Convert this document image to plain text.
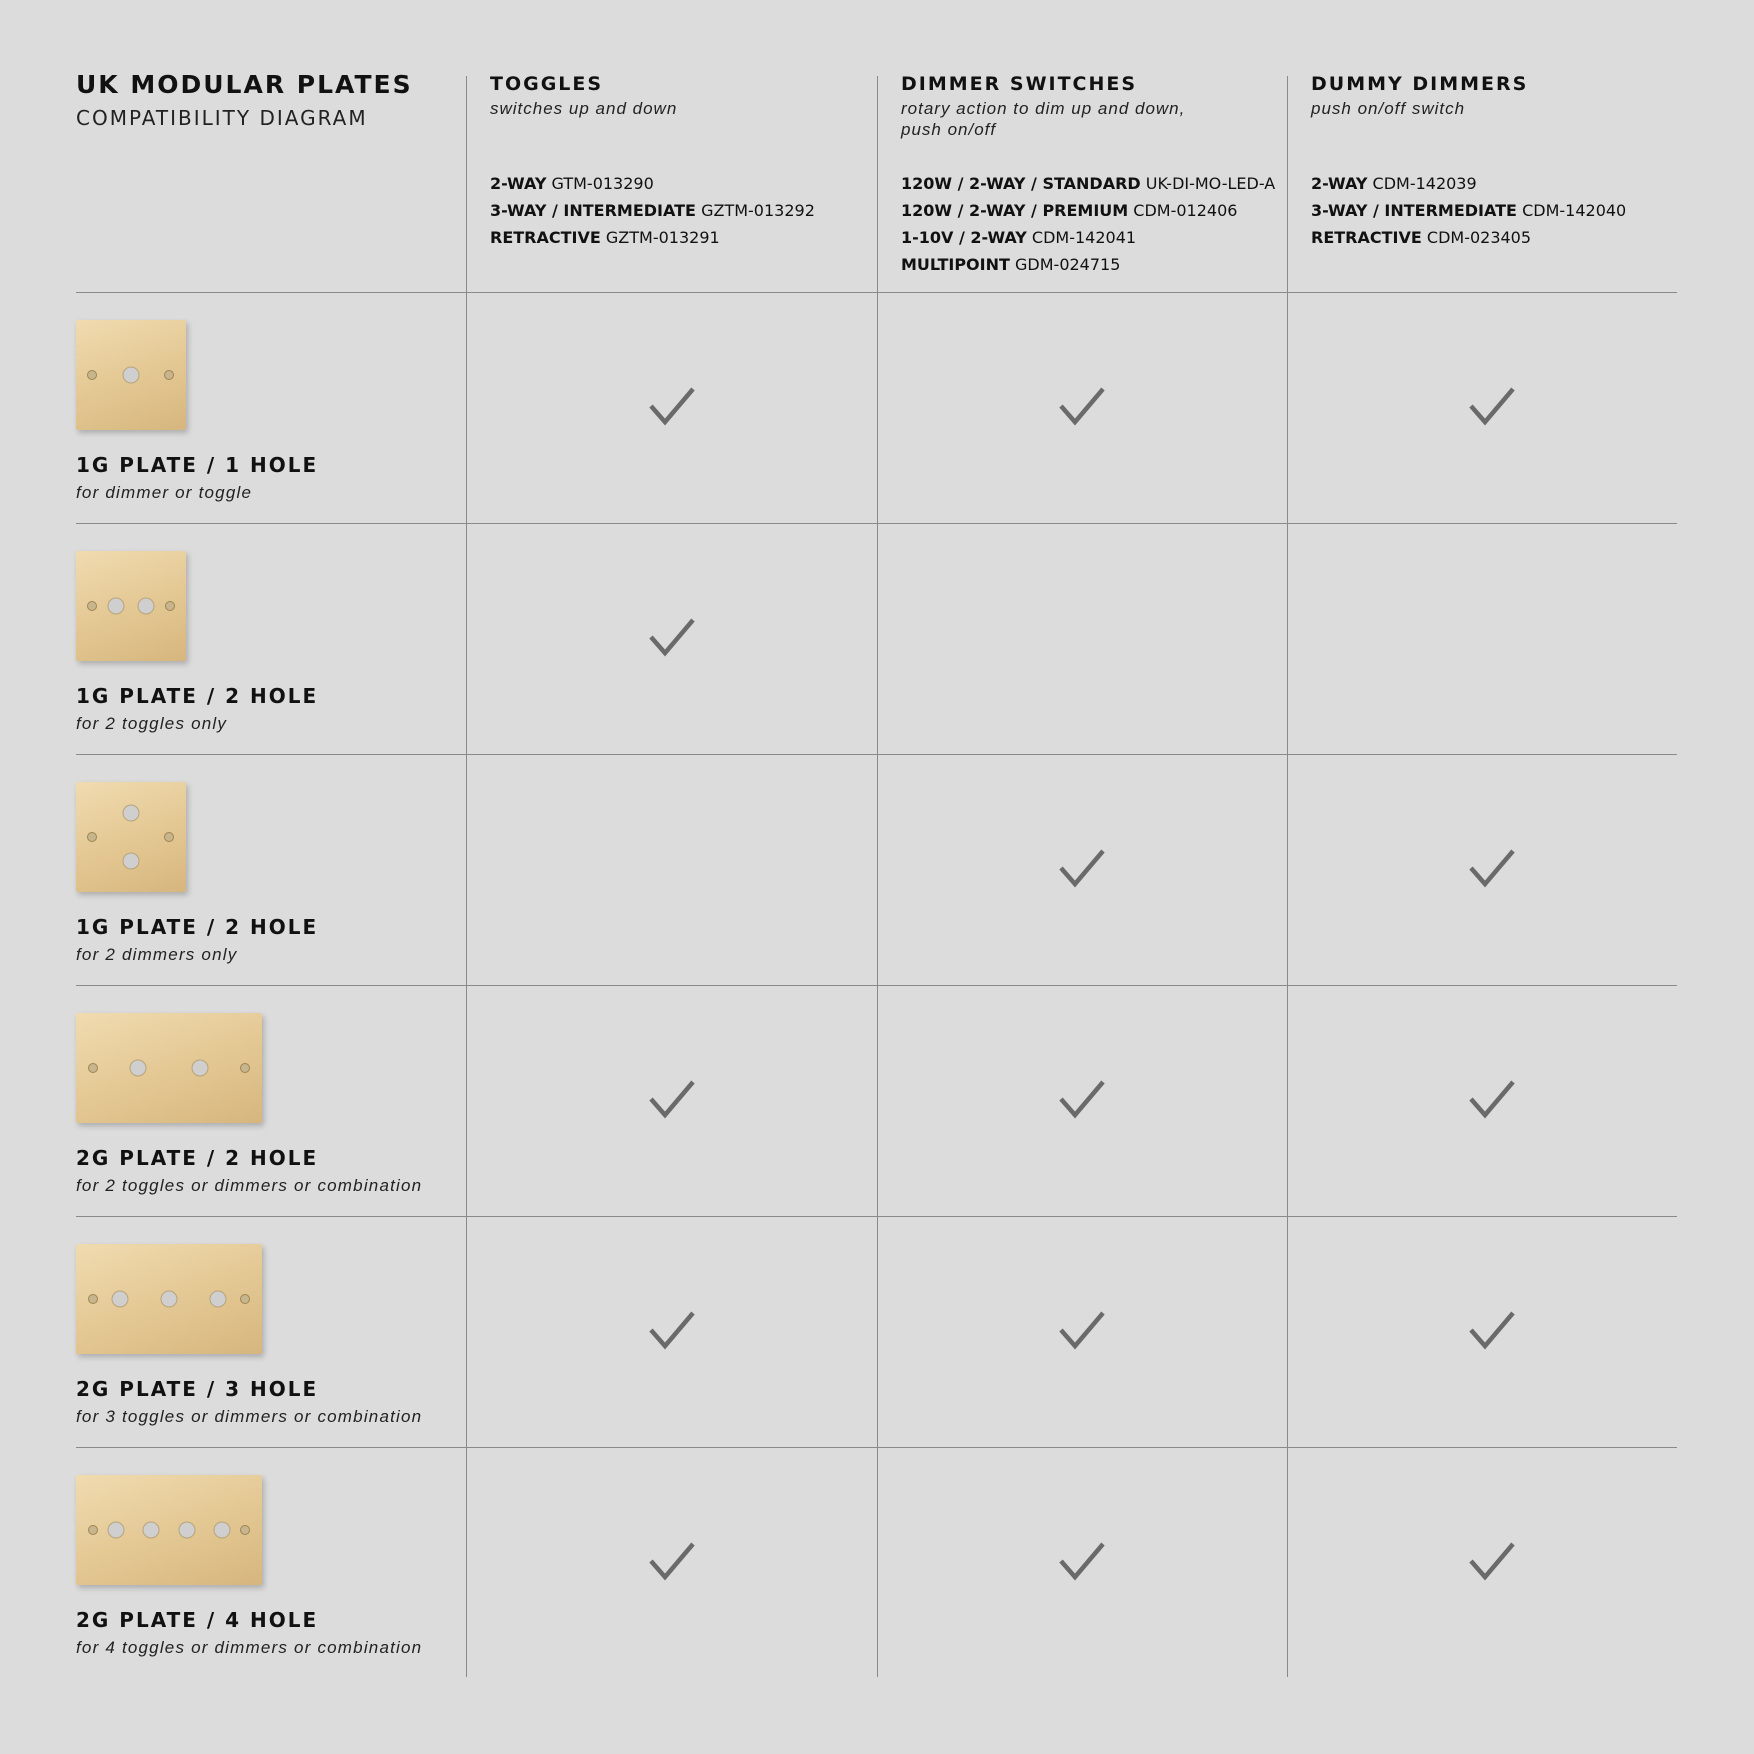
UK MODULAR PLATES
COMPATIBILITY DIAGRAM
TOGGLES
switches up and down
2-WAY GTM-013290
3-WAY / INTERMEDIATE GZTM-013292
RETRACTIVE GZTM-013291
DIMMER SWITCHES
rotary action to dim up and down, push on/off
120W / 2-WAY / STANDARD UK-DI-MO-LED-A
120W / 2-WAY / PREMIUM CDM-012406
1-10V / 2-WAY CDM-142041
MULTIPOINT GDM-024715
DUMMY DIMMERS
push on/off switch
2-WAY CDM-142039
3-WAY / INTERMEDIATE CDM-142040
RETRACTIVE CDM-023405
1G PLATE / 1 HOLE
for dimmer or toggle
1G PLATE / 2 HOLE
for 2 toggles only
1G PLATE / 2 HOLE
for 2 dimmers only
2G PLATE / 2 HOLE
for 2 toggles or dimmers or combination
2G PLATE / 3 HOLE
for 3 toggles or dimmers or combination
2G PLATE / 4 HOLE
for 4 toggles or dimmers or combination
